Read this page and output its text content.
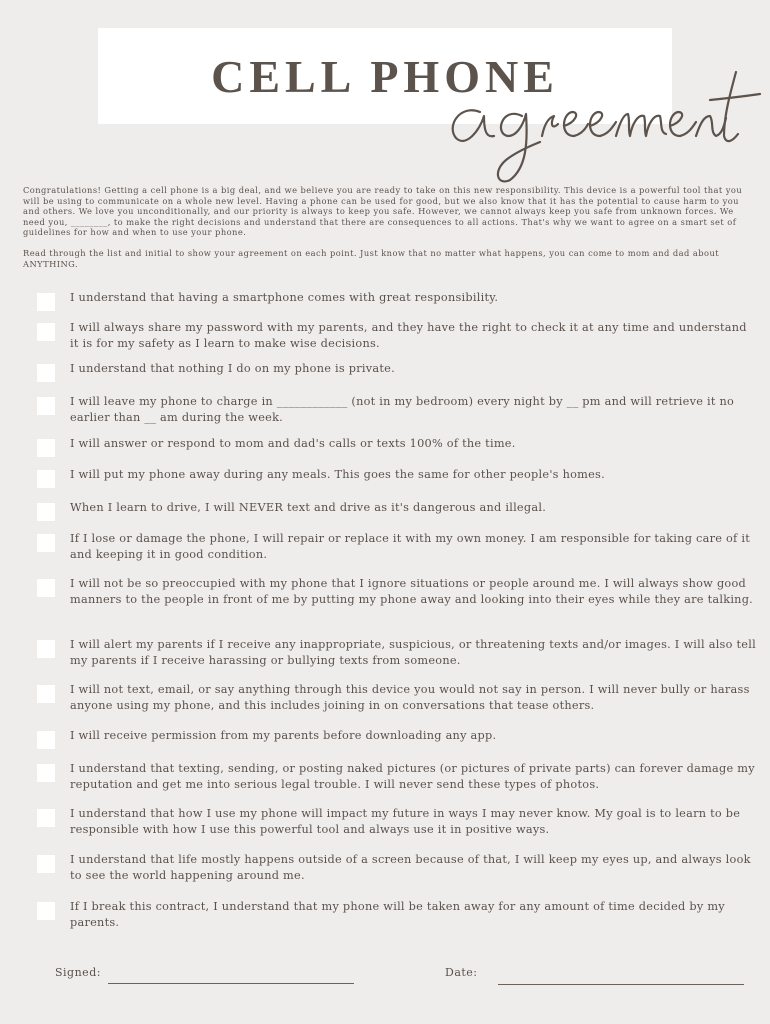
CELL PHONE

Congratulations! Getting a cell phone is a big deal, and we believe you are ready to take on this new responsibility. This device is a powerful tool that you will be using to communicate on a whole new level. Having a phone can be used for good, but we also know that it has the potential to cause harm to you and others. We love you unconditionally, and our priority is always to keep you safe. However, we cannot always keep you safe from unknown forces. We need you, ________, to make the right decisions and understand that there are consequences to all actions. That's why we want to agree on a smart set of guidelines for how and when to use your phone.

Read through the list and initial to show your agreement on each point. Just know that no matter what happens, you can come to mom and dad about ANYTHING.

I understand that having a smartphone comes with great responsibility.
I will always share my password with my parents, and they have the right to check it at any time and understand it is for my safety as I learn to make wise decisions.
I understand that nothing I do on my phone is private.
I will leave my phone to charge in ____________ (not in my bedroom) every night by __ pm and will retrieve it no earlier than __ am during the week.
I will answer or respond to mom and dad's calls or texts 100% of the time.
I will put my phone away during any meals. This goes the same for other people's homes.
When I learn to drive, I will NEVER text and drive as it's dangerous and illegal.
If I lose or damage the phone, I will repair or replace it with my own money. I am responsible for taking care of it and keeping it in good condition.
I will not be so preoccupied with my phone that I ignore situations or people around me. I will always show good manners to the people in front of me by putting my phone away and looking into their eyes while they are talking.
I will alert my parents if I receive any inappropriate, suspicious, or threatening texts and/or images. I will also tell my parents if I receive harassing or bullying texts from someone.
I will not text, email, or say anything through this device you would not say in person. I will never bully or harass anyone using my phone, and this includes joining in on conversations that tease others.
I will receive permission from my parents before downloading any app.
I understand that texting, sending, or posting naked pictures (or pictures of private parts) can forever damage my reputation and get me into serious legal trouble. I will never send these types of photos.
I understand that how I use my phone will impact my future in ways I may never know. My goal is to learn to be responsible with how I use this powerful tool and always use it in positive ways.
I understand that life mostly happens outside of a screen because of that, I will keep my eyes up, and always look to see the world happening around me.
If I break this contract, I understand that my phone will be taken away for any amount of time decided by my parents.
Signed:	Date:
